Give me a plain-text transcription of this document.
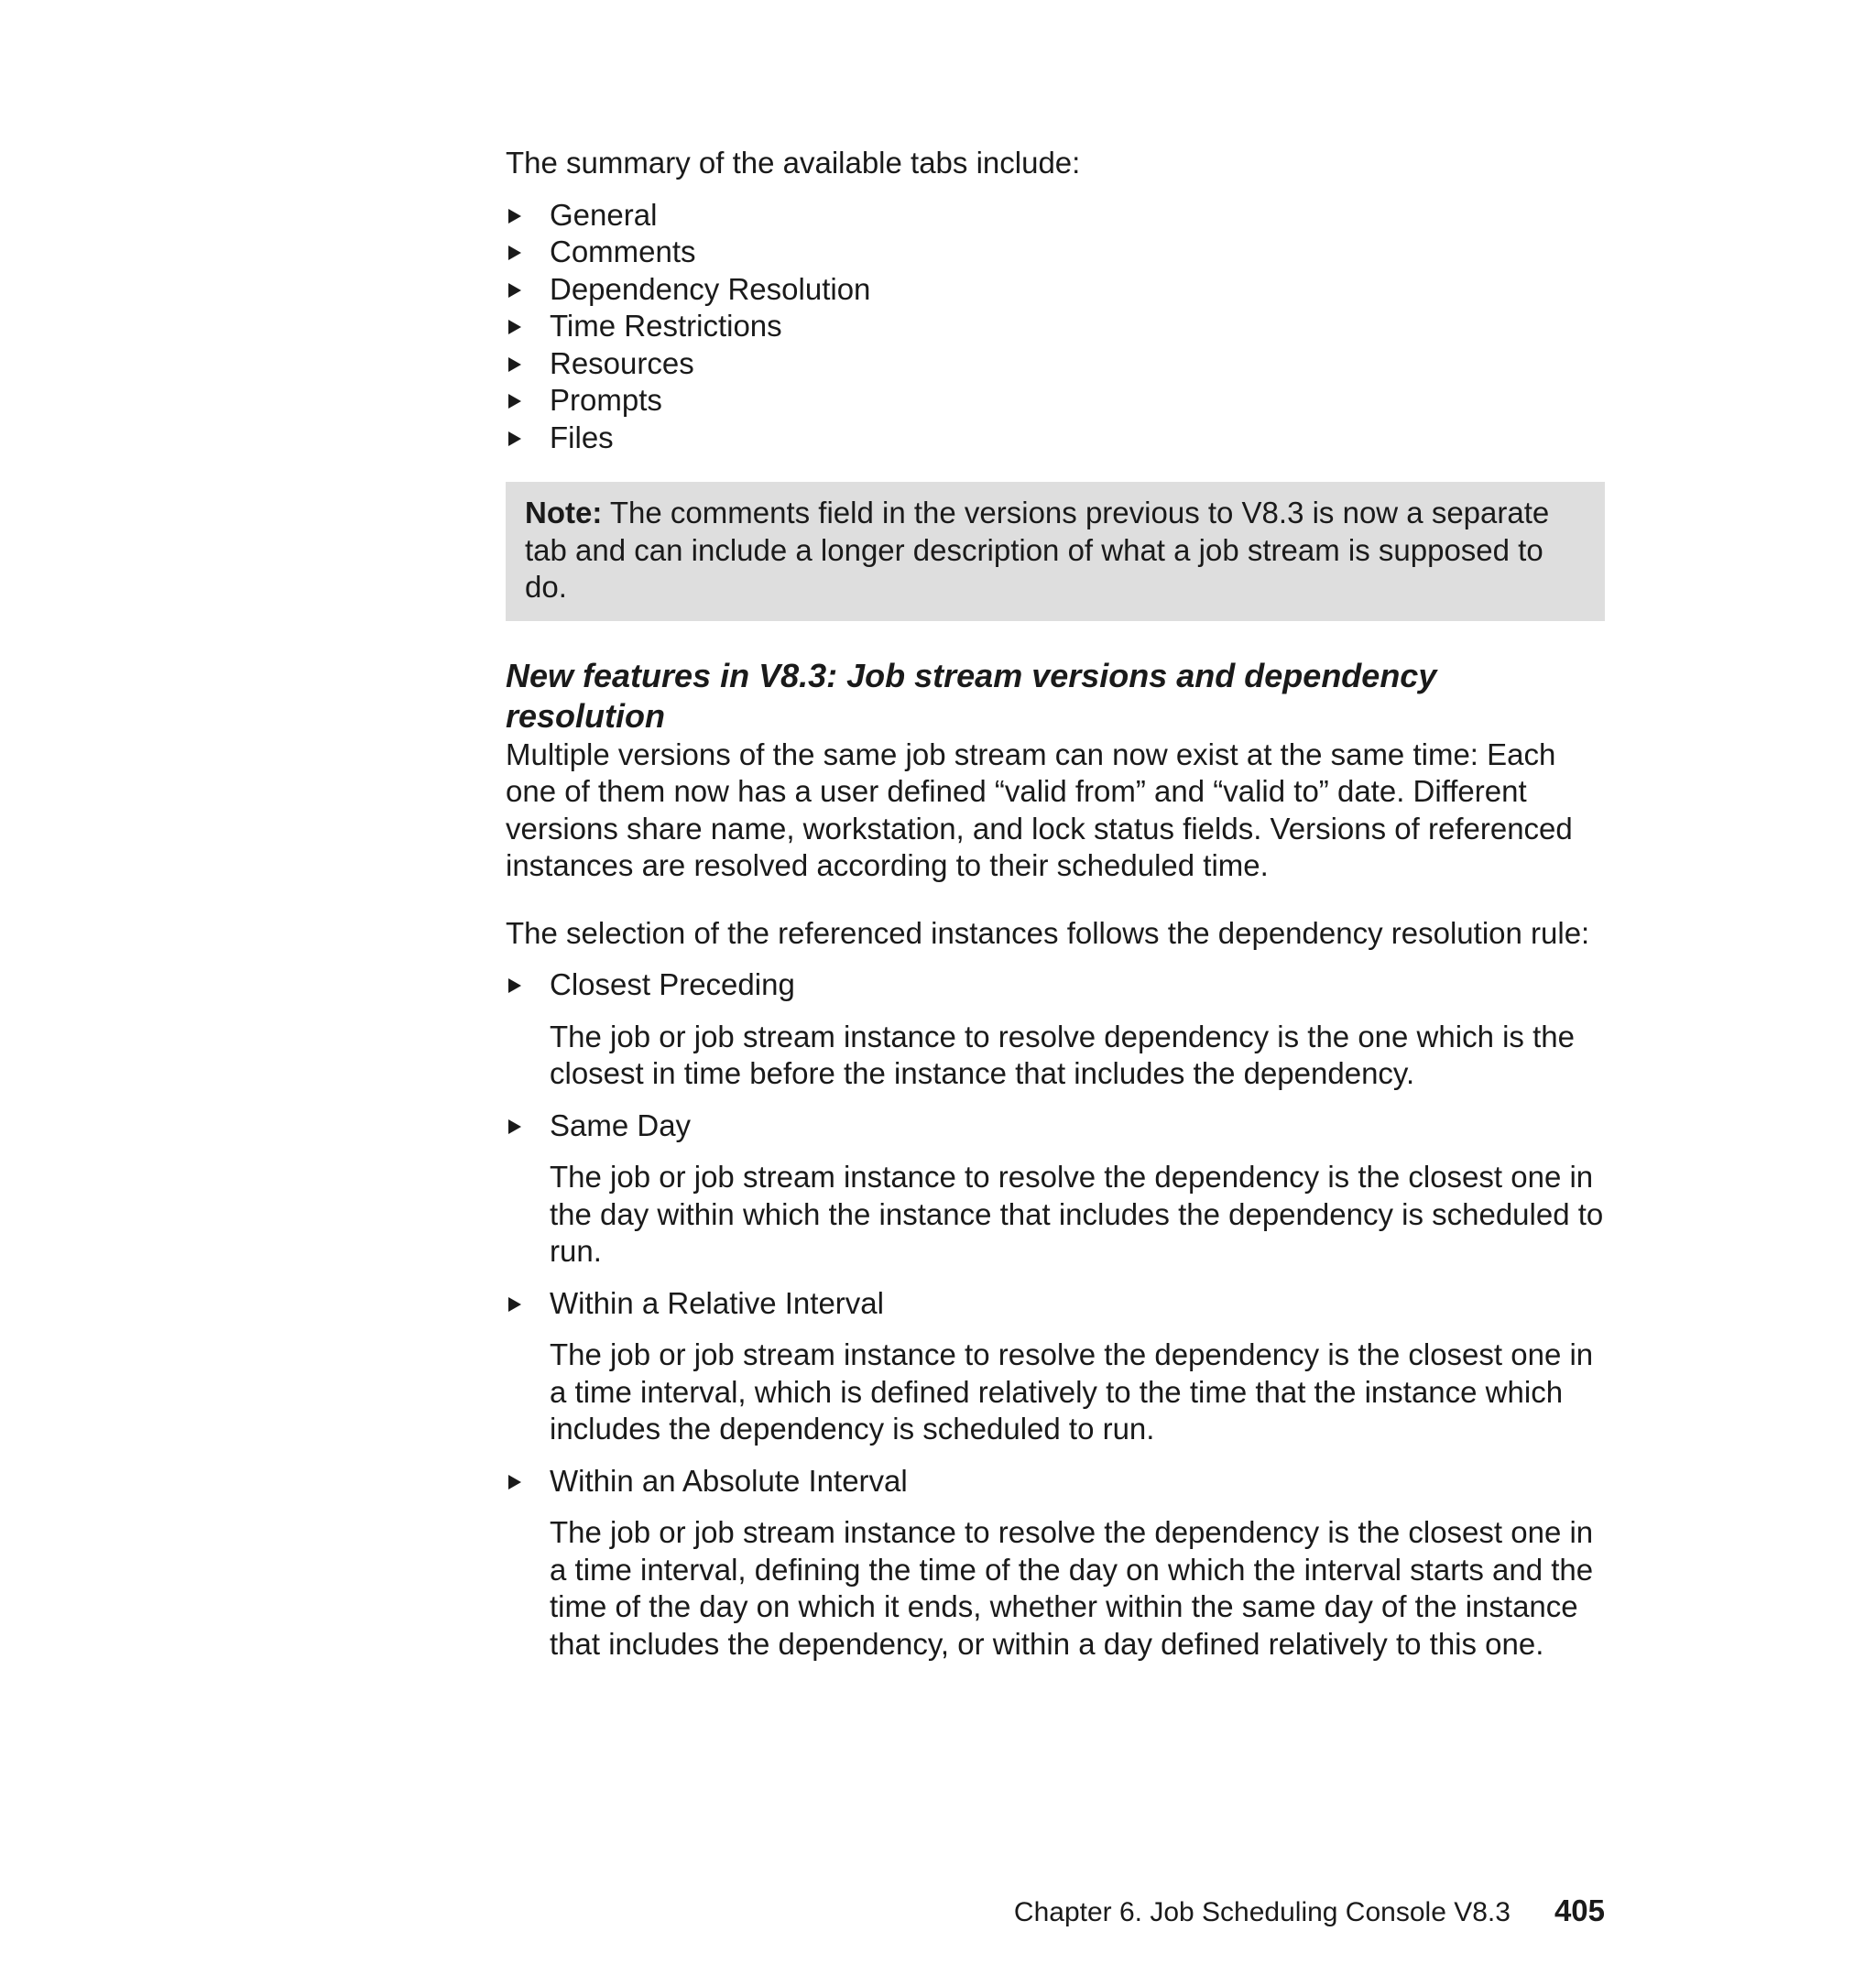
The summary of the available tabs include:

General
Comments
Dependency Resolution
Time Restrictions
Resources
Prompts
Files
Note: The comments field in the versions previous to V8.3 is now a separate tab and can include a longer description of what a job stream is supposed to do.
New features in V8.3: Job stream versions and dependency resolution

Multiple versions of the same job stream can now exist at the same time: Each one of them now has a user defined “valid from” and “valid to” date. Different versions share name, workstation, and lock status fields. Versions of referenced instances are resolved according to their scheduled time.

The selection of the referenced instances follows the dependency resolution rule:

Closest Preceding
The job or job stream instance to resolve dependency is the one which is the closest in time before the instance that includes the dependency.
Same Day
The job or job stream instance to resolve the dependency is the closest one in the day within which the instance that includes the dependency is scheduled to run.
Within a Relative Interval
The job or job stream instance to resolve the dependency is the closest one in a time interval, which is defined relatively to the time that the instance which includes the dependency is scheduled to run.
Within an Absolute Interval
The job or job stream instance to resolve the dependency is the closest one in a time interval, defining the time of the day on which the interval starts and the time of the day on which it ends, whether within the same day of the instance that includes the dependency, or within a day defined relatively to this one.
Chapter 6. Job Scheduling Console V8.3 405
